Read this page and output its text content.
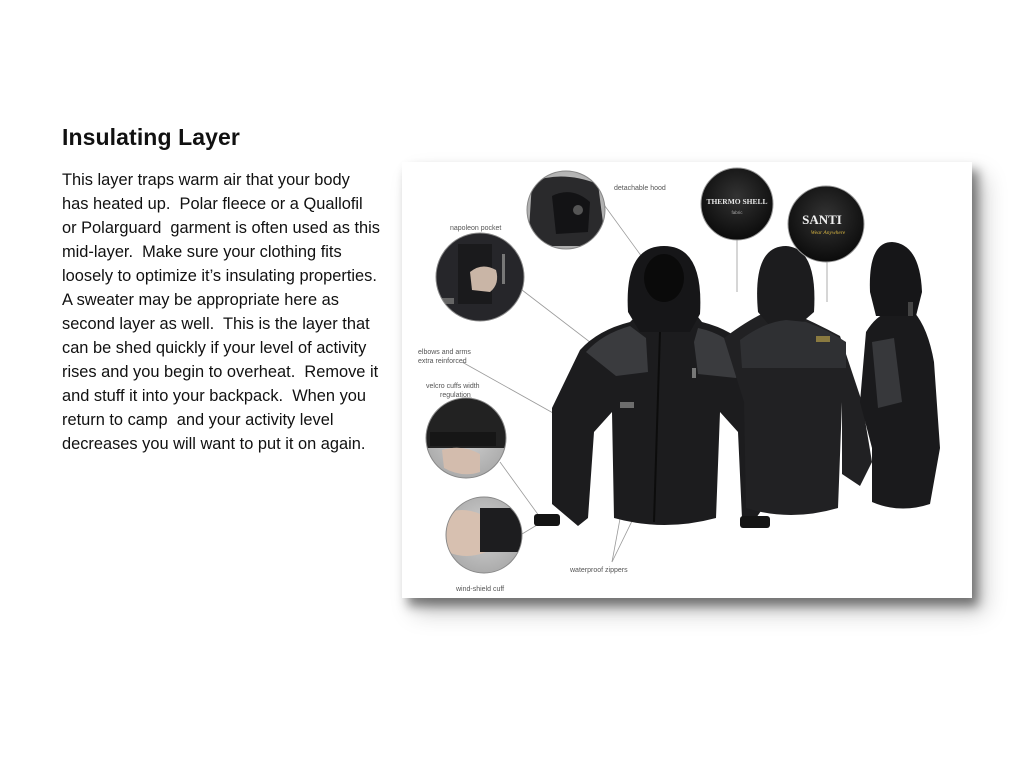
Insulating Layer

This layer traps warm air that your body has heated up.  Polar fleece or a Quallofil or Polarguard  garment is often used as this mid-layer.  Make sure your clothing fits loosely to optimize it’s insulating properties.   A sweater may be appropriate here as second layer as well.  This is the layer that can be shed quickly if your level of activity rises and you begin to overheat.  Remove it and stuff it into your backpack.  When you return to camp  and your activity level decreases you will want to put it on again.

THERMO SHELL
fabric	SANTI
Wear Anywhere
detachable hood
napoleon pocket
elbows and arms
extra reinforced
velcro cuffs width
regulation
wind-shield cuff
waterproof zippers
